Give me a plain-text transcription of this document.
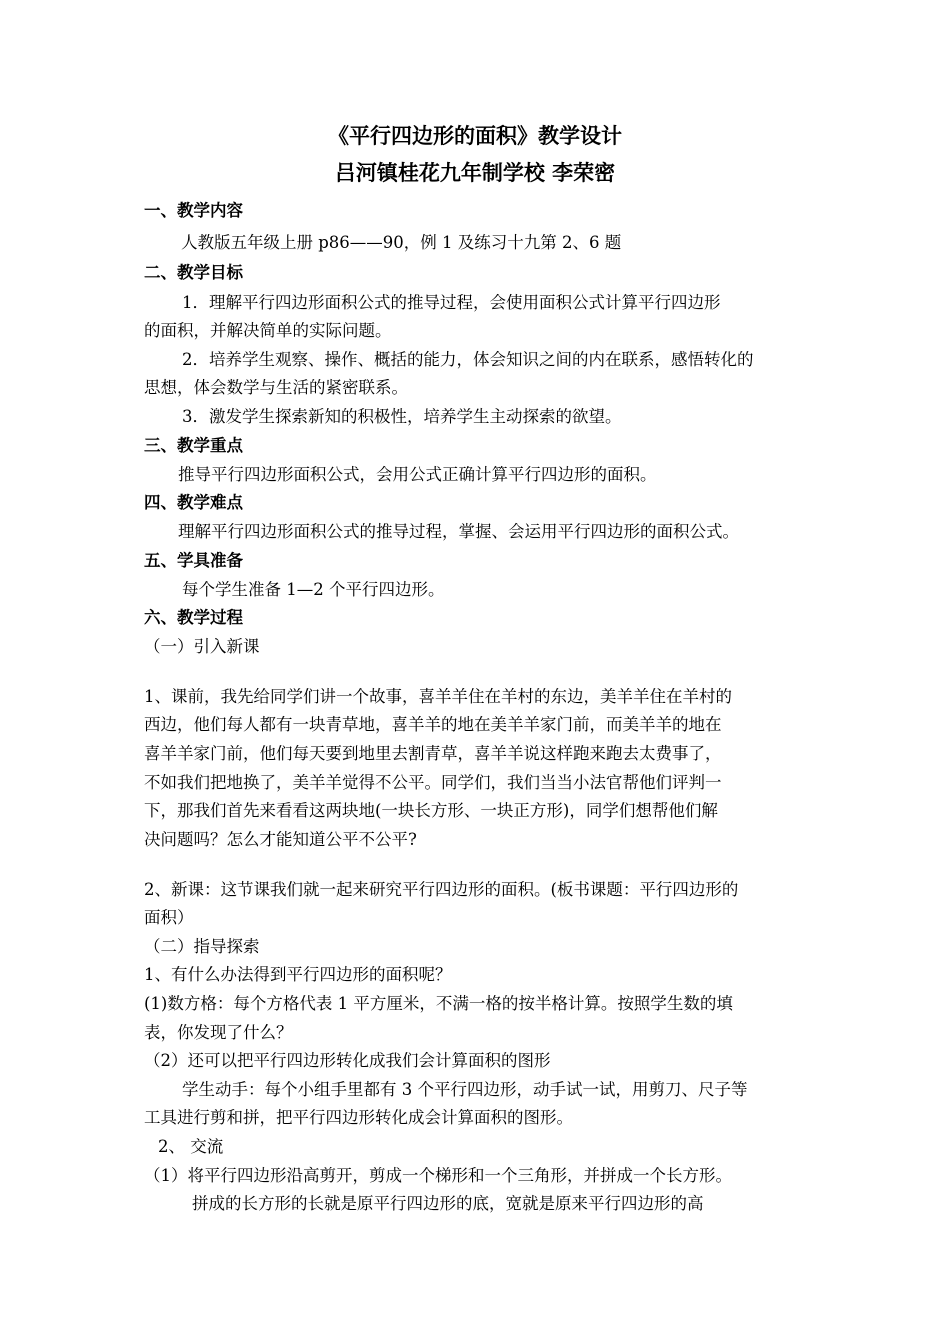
《平行四边形的面积》教学设计
吕河镇桂花九年制学校 李荣密
一、教学内容
人教版五年级上册 p86——90，例 1 及练习十九第 2、6 题
二、教学目标
1．理解平行四边形面积公式的推导过程，会使用面积公式计算平行四边形
的面积，并解决简单的实际问题。
2．培养学生观察、操作、概括的能力，体会知识之间的内在联系，感悟转化的
思想，体会数学与生活的紧密联系。
3．激发学生探索新知的积极性，培养学生主动探索的欲望。
三、教学重点
推导平行四边形面积公式，会用公式正确计算平行四边形的面积。
四、教学难点
理解平行四边形面积公式的推导过程，掌握、会运用平行四边形的面积公式。
五、学具准备
每个学生准备 1—2 个平行四边形。
六、教学过程
（一）引入新课
1、课前，我先给同学们讲一个故事，喜羊羊住在羊村的东边，美羊羊住在羊村的
西边，他们每人都有一块青草地，喜羊羊的地在美羊羊家门前，而美羊羊的地在
喜羊羊家门前，他们每天要到地里去割青草，喜羊羊说这样跑来跑去太费事了，
不如我们把地换了，美羊羊觉得不公平。同学们，我们当当小法官帮他们评判一
下，那我们首先来看看这两块地(一块长方形、一块正方形)，同学们想帮他们解
决问题吗？怎么才能知道公平不公平?
2、新课：这节课我们就一起来研究平行四边形的面积。(板书课题：平行四边形的
面积）
（二）指导探索
1、有什么办法得到平行四边形的面积呢？
(1)数方格：每个方格代表 1 平方厘米，不满一格的按半格计算。按照学生数的填
表，你发现了什么？
（2）还可以把平行四边形转化成我们会计算面积的图形
学生动手：每个小组手里都有 3 个平行四边形，动手试一试，用剪刀、尺子等
工具进行剪和拼，把平行四边形转化成会计算面积的图形。
2、 交流
（1）将平行四边形沿高剪开，剪成一个梯形和一个三角形，并拼成一个长方形。
拼成的长方形的长就是原平行四边形的底，宽就是原来平行四边形的高
